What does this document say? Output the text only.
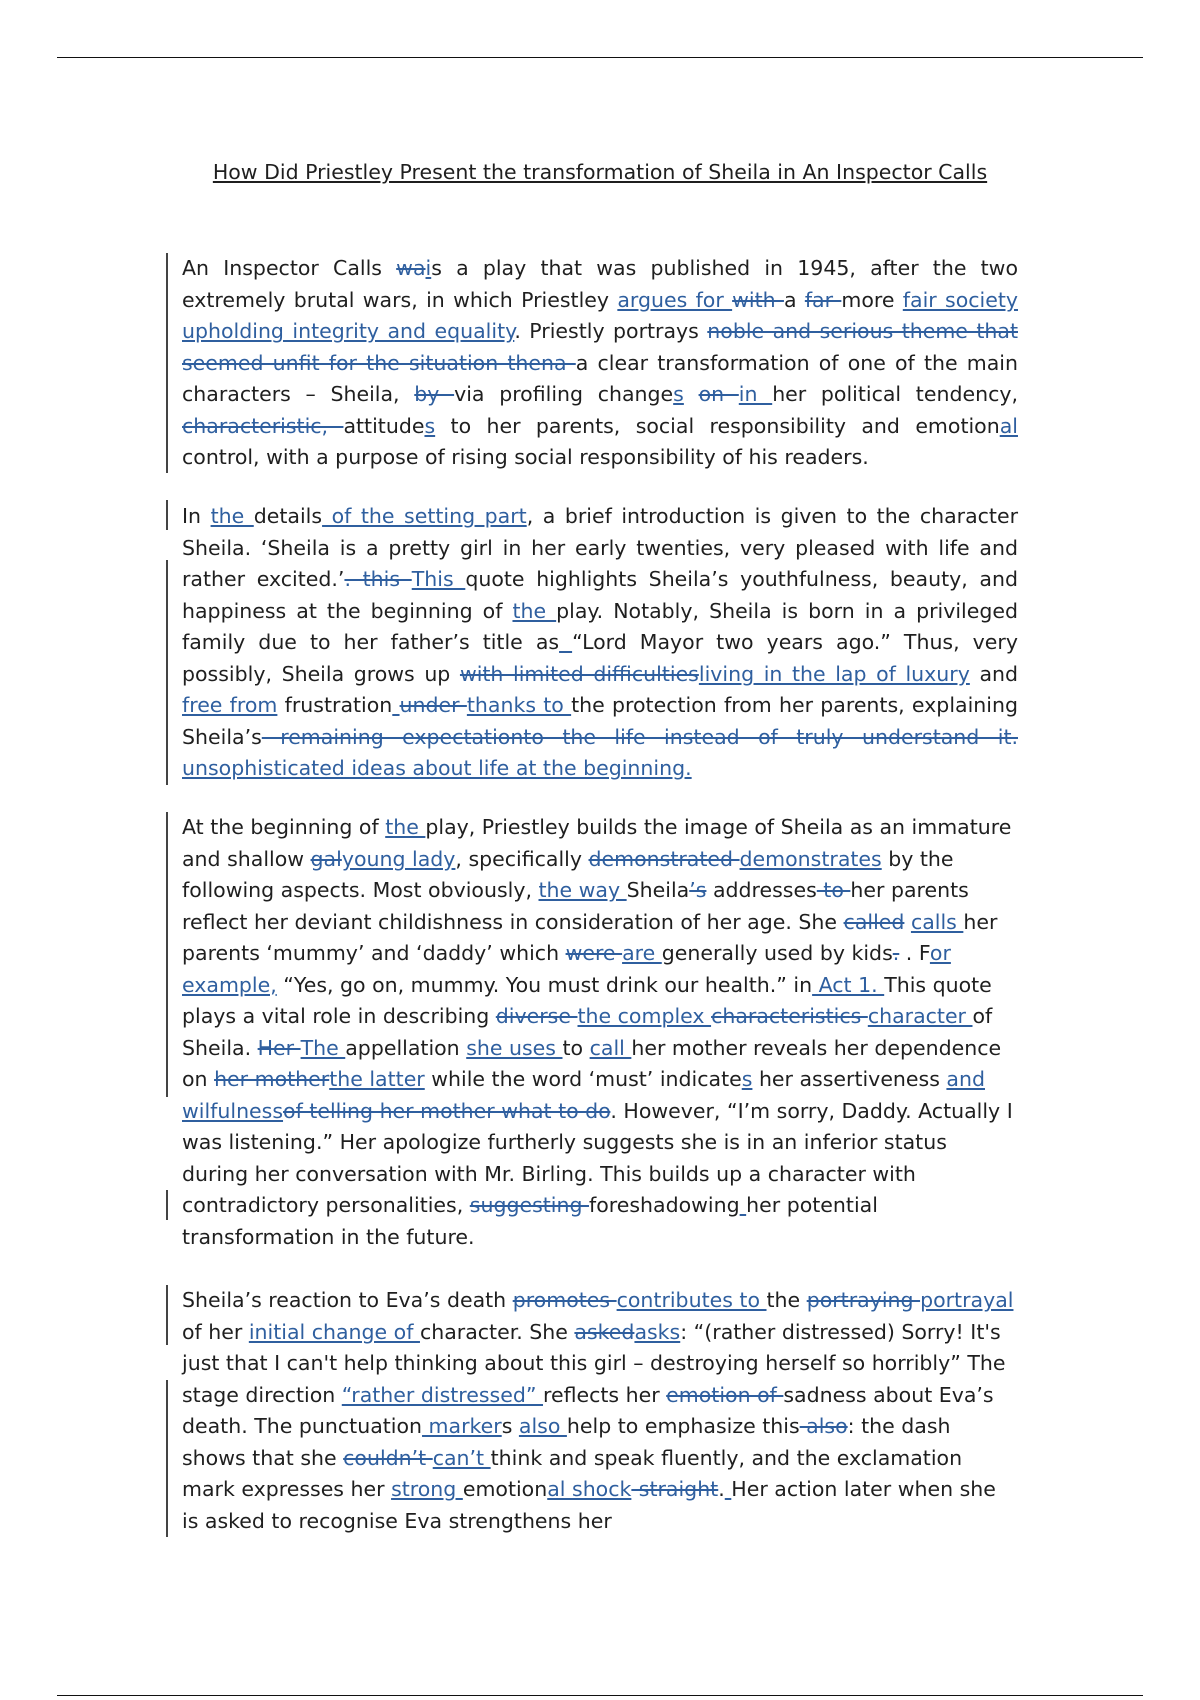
How Did Priestley Present the transformation of Sheila in An Inspector Calls
An Inspector Calls wais a play that was published in 1945, after the two extremely brutal wars, in which Priestley argues for with a far more fair society upholding integrity and equality. Priestly portrays noble and serious theme that seemed unfit for the situation thena a clear transformation of one of the main characters – Sheila, by via profiling changes on in her political tendency, characteristic, attitudes to her parents, social responsibility and emotional control, with a purpose of rising social responsibility of his readers.
In the details of the setting part, a brief introduction is given to the character Sheila. ‘Sheila is a pretty girl in her early twenties, very pleased with life and rather excited.’. this This quote highlights Sheila’s youthfulness, beauty, and happiness at the beginning of the play. Notably, Sheila is born in a privileged family due to her father’s title as “Lord Mayor two years ago.” Thus, very possibly, Sheila grows up with limited difficultiesliving in the lap of luxury and free from frustration under thanks to the protection from her parents, explaining Sheila’s remaining expectationto the life instead of truly understand it. unsophisticated ideas about life at the beginning.
At the beginning of the play, Priestley builds the image of Sheila as an immature and shallow galyoung lady, specifically demonstrated demonstrates by the following aspects. Most obviously, the way Sheila’s addresses to her parents reflect her deviant childishness in consideration of her age. She called calls her parents ‘mummy’ and ‘daddy’ which were are generally used by kids. . For example, “Yes, go on, mummy. You must drink our health.” in Act 1. This quote plays a vital role in describing diverse the complex characteristics character of Sheila. Her The appellation she uses to call her mother reveals her dependence on her motherthe latter while the word ‘must’ indicates her assertiveness and wilfulnessof telling her mother what to do. However, “I’m sorry, Daddy. Actually I was listening.” Her apologize furtherly suggests she is in an inferior status during her conversation with Mr. Birling. This builds up a character with contradictory personalities, suggesting foreshadowing her potential transformation in the future.
Sheila’s reaction to Eva’s death promotes contributes to the portraying portrayal of her initial change of character. She askedasks: “(rather distressed) Sorry! It's just that I can't help thinking about this girl – destroying herself so horribly” The stage direction “rather distressed” reflects her emotion of sadness about Eva’s death. The punctuation markers also help to emphasize this also: the dash shows that she couldn’t can’t think and speak fluently, and the exclamation mark expresses her strong emotional shock-straight. Her action later when she is asked to recognise Eva strengthens her
